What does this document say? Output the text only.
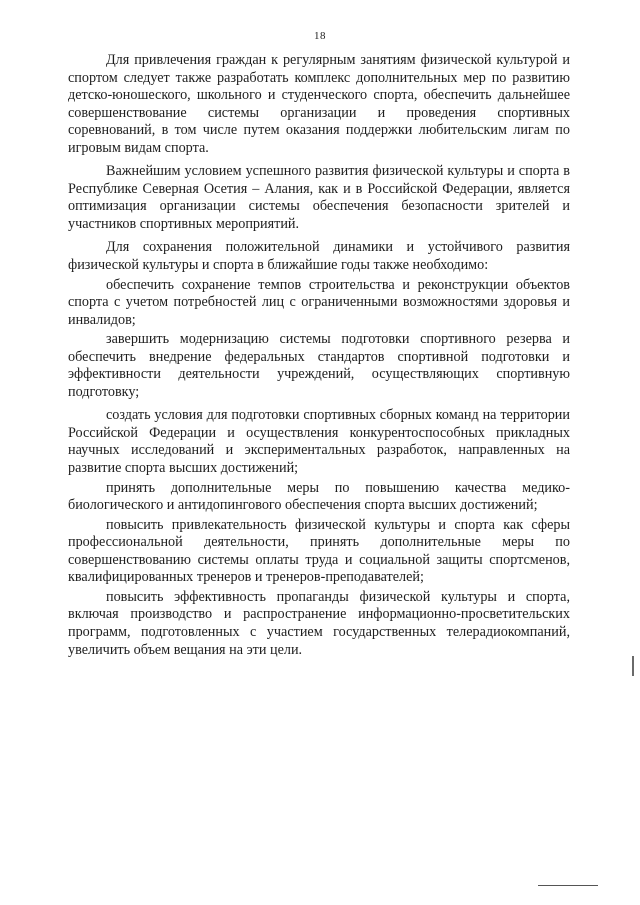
18

Для привлечения граждан к регулярным занятиям физической культурой и спортом следует также разработать комплекс дополнительных мер по развитию детско-юношеского, школьного и студенческого спорта, обеспечить дальнейшее совершенствование системы организации и проведения спортивных соревнований, в том числе путем оказания поддержки любительским лигам по игровым видам спорта.

Важнейшим условием успешного развития физической культуры и спорта в Республике Северная Осетия – Алания, как и в Российской Федерации, является оптимизация организации системы обеспечения безопасности зрителей и участников спортивных мероприятий.

Для сохранения положительной динамики и устойчивого развития физической культуры и спорта в ближайшие годы также необходимо:

обеспечить сохранение темпов строительства и реконструкции объектов спорта с учетом потребностей лиц с ограниченными возможностями здоровья и инвалидов;

завершить модернизацию системы подготовки спортивного резерва и обеспечить внедрение федеральных стандартов спортивной подготовки и эффективности деятельности учреждений, осуществляющих спортивную подготовку;

создать условия для подготовки спортивных сборных команд на территории Российской Федерации и осуществления конкурентоспособных прикладных научных исследований и экспериментальных разработок, направленных на развитие спорта высших достижений;

принять дополнительные меры по повышению качества медико-биологического и антидопингового обеспечения спорта высших достижений;

повысить привлекательность физической культуры и спорта как сферы профессиональной деятельности, принять дополнительные меры по совершенствованию системы оплаты труда и социальной защиты спортсменов, квалифицированных тренеров и тренеров-преподавателей;

повысить эффективность пропаганды физической культуры и спорта, включая производство и распространение информационно-просветительских программ, подготовленных с участием государственных телерадиокомпаний, увеличить объем вещания на эти цели.
